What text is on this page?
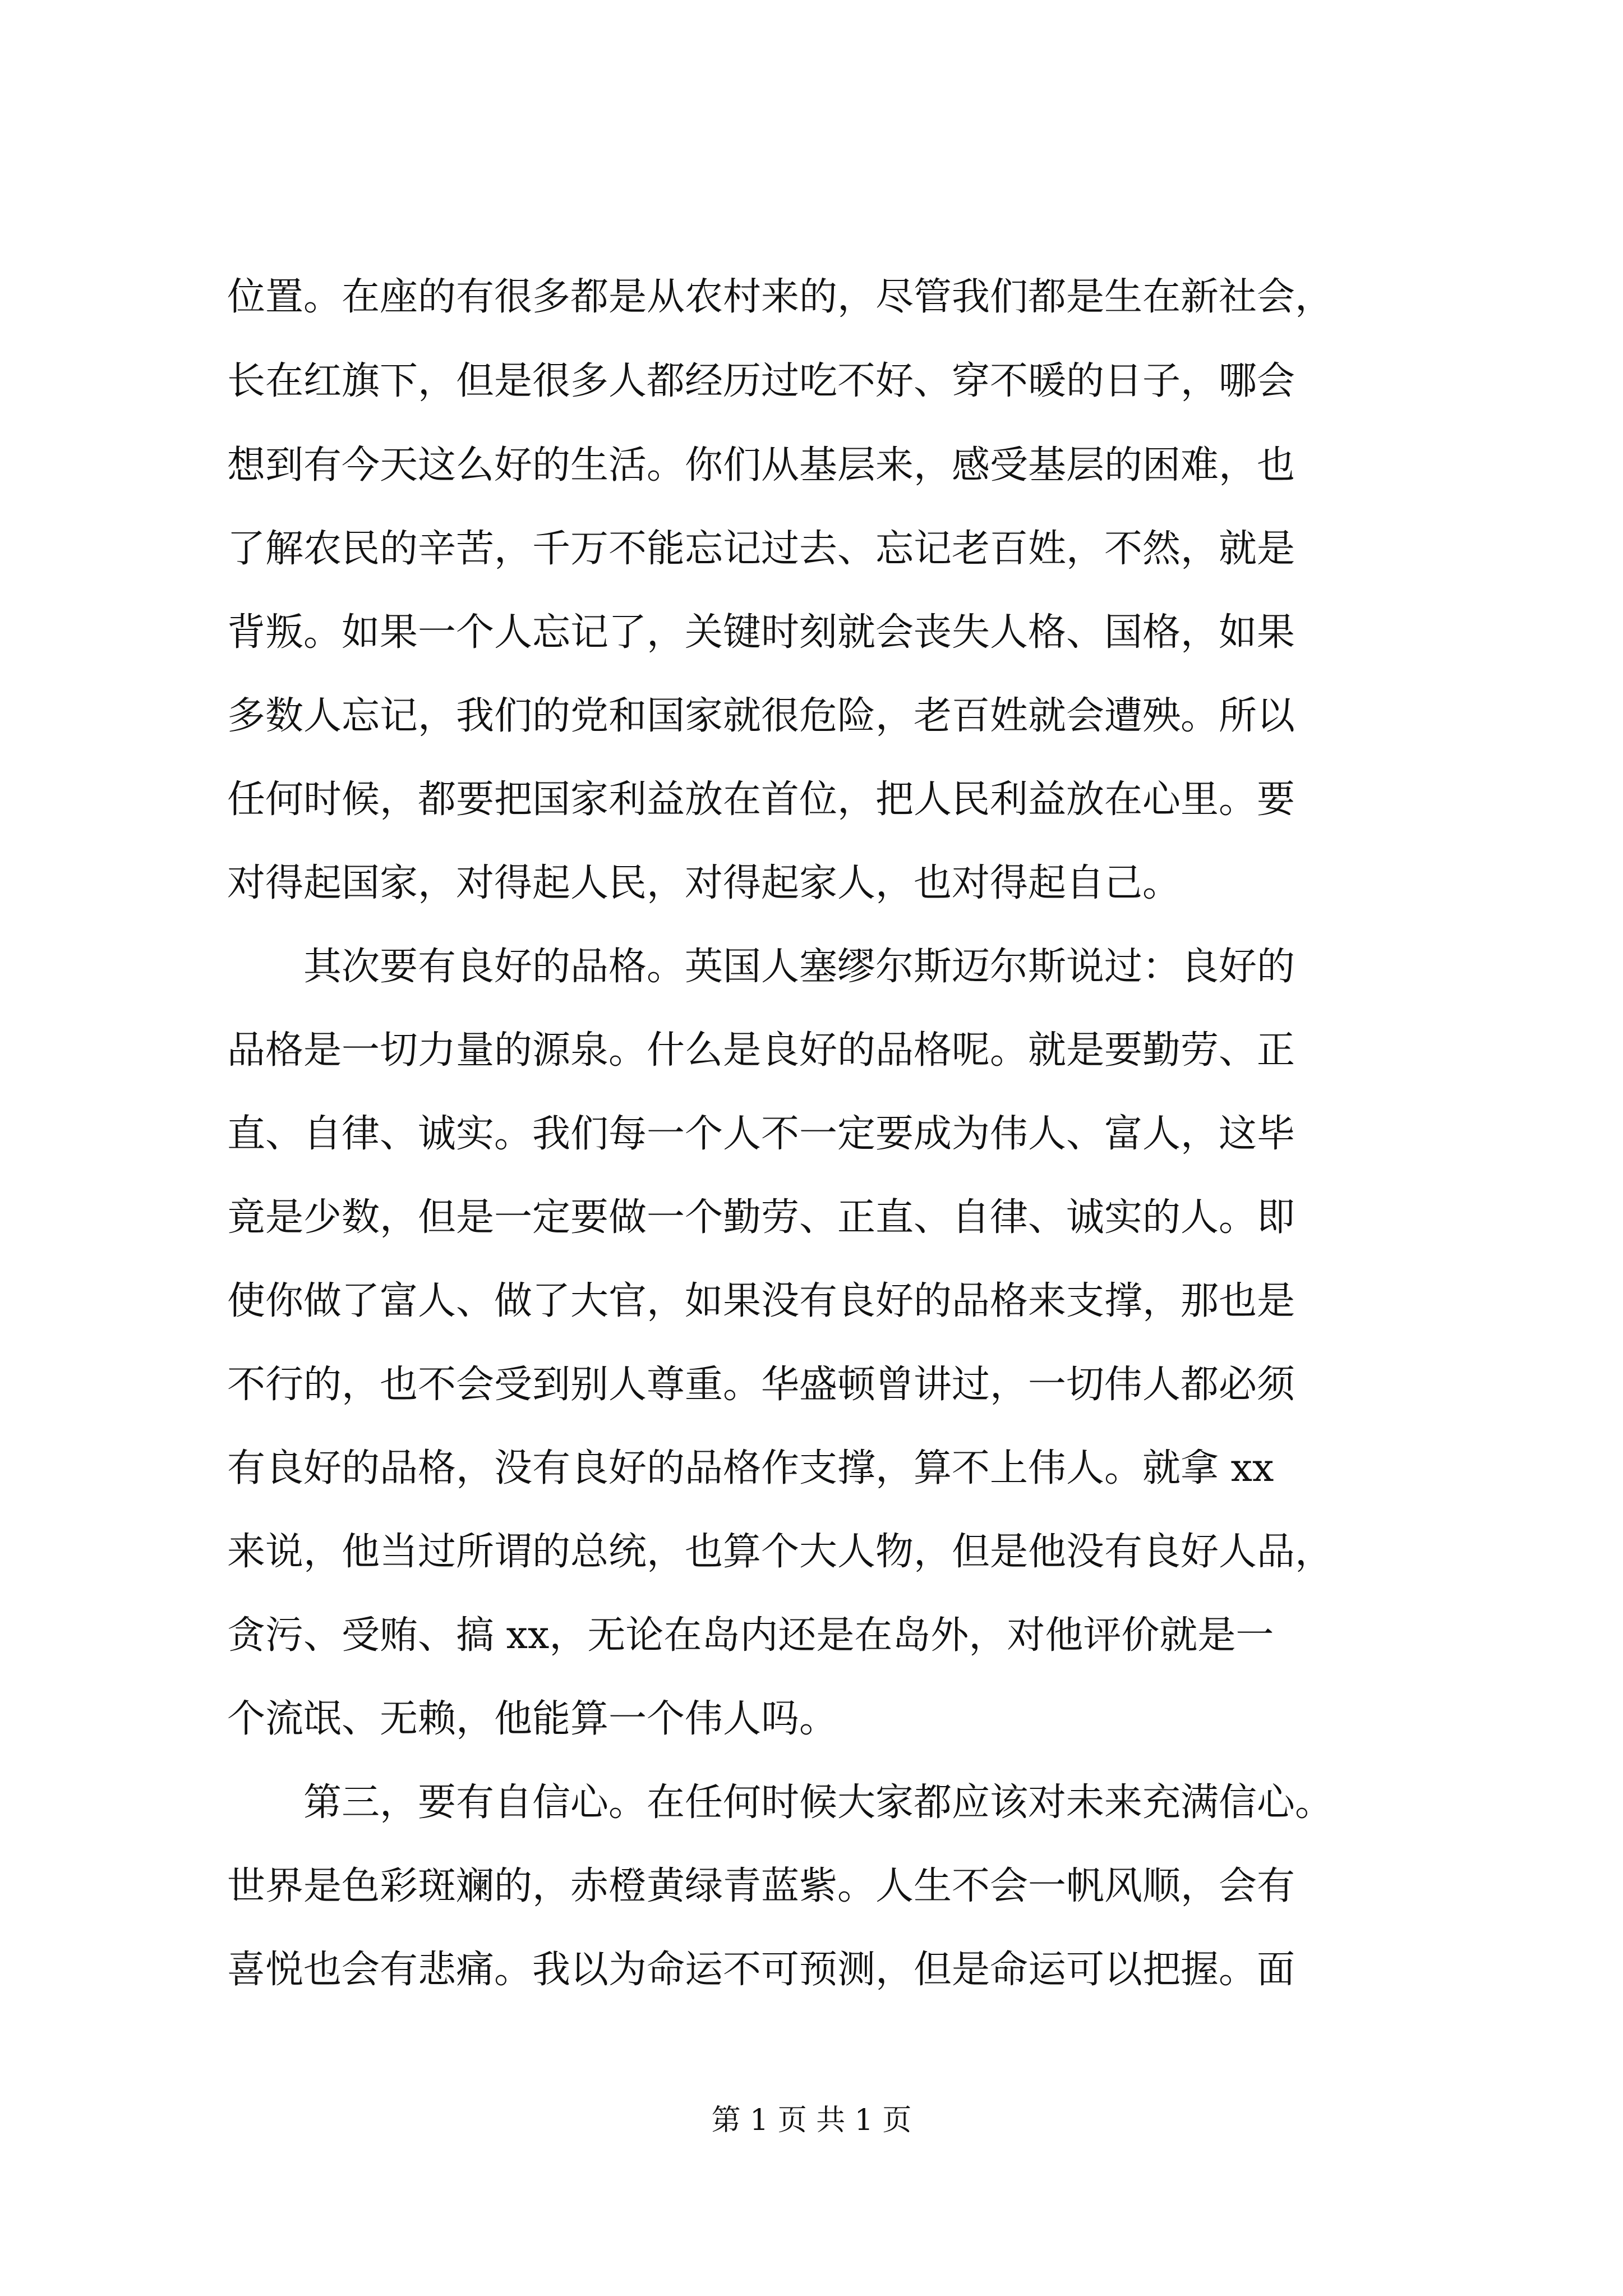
位置。在座的有很多都是从农村来的，尽管我们都是生在新社会，
长在红旗下，但是很多人都经历过吃不好、穿不暖的日子，哪会
想到有今天这么好的生活。你们从基层来，感受基层的困难，也
了解农民的辛苦，千万不能忘记过去、忘记老百姓，不然，就是
背叛。如果一个人忘记了，关键时刻就会丧失人格、国格，如果
多数人忘记，我们的党和国家就很危险，老百姓就会遭殃。所以
任何时候，都要把国家利益放在首位，把人民利益放在心里。要
对得起国家，对得起人民，对得起家人，也对得起自己。
其次要有良好的品格。英国人塞缪尔斯迈尔斯说过：良好的
品格是一切力量的源泉。什么是良好的品格呢。就是要勤劳、正
直、自律、诚实。我们每一个人不一定要成为伟人、富人，这毕
竟是少数，但是一定要做一个勤劳、正直、自律、诚实的人。即
使你做了富人、做了大官，如果没有良好的品格来支撑，那也是
不行的，也不会受到别人尊重。华盛顿曾讲过，一切伟人都必须
有良好的品格，没有良好的品格作支撑，算不上伟人。就拿 xx
来说，他当过所谓的总统，也算个大人物，但是他没有良好人品，
贪污、受贿、搞 xx，无论在岛内还是在岛外，对他评价就是一
个流氓、无赖，他能算一个伟人吗。
第三，要有自信心。在任何时候大家都应该对未来充满信心。
世界是色彩斑斓的，赤橙黄绿青蓝紫。人生不会一帆风顺，会有
喜悦也会有悲痛。我以为命运不可预测，但是命运可以把握。面
第 1 页 共 1 页
